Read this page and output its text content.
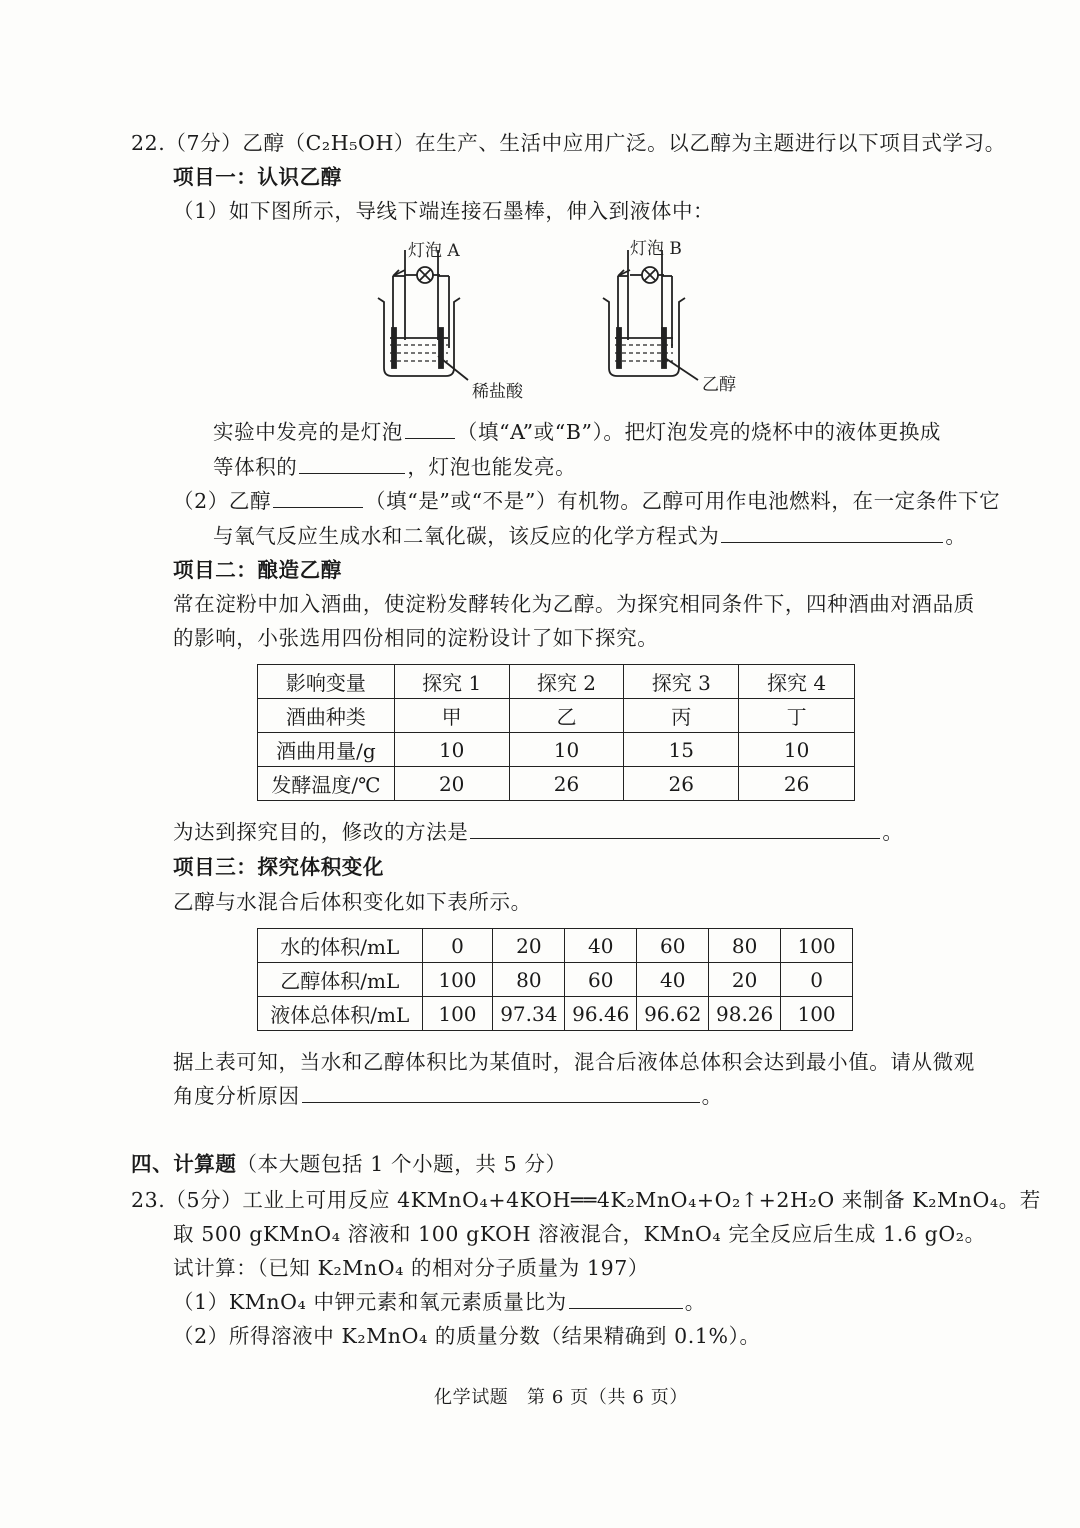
22.（7分）乙醇（C₂H₅OH）在生产、生活中应用广泛。以乙醇为主题进行以下项目式学习。
项目一：认识乙醇
（1）如下图所示，导线下端连接石墨棒，伸入到液体中：
灯泡 A	灯泡 B
稀盐酸	乙醇
实验中发亮的是灯泡	（填“A”或“B”）。把灯泡发亮的烧杯中的液体更换成
等体积的	，灯泡也能发亮。
（2）乙醇	（填“是”或“不是”）有机物。乙醇可用作电池燃料，在一定条件下它
与氧气反应生成水和二氧化碳，该反应的化学方程式为	。
项目二：酿造乙醇
常在淀粉中加入酒曲，使淀粉发酵转化为乙醇。为探究相同条件下，四种酒曲对酒品质
的影响，小张选用四份相同的淀粉设计了如下探究。
影响变量	探究 1	探究 2	探究 3	探究 4
酒曲种类	甲	乙	丙	丁
酒曲用量/g	10	10	15	10
发酵温度/℃	20	26	26	26
为达到探究目的，修改的方法是	。
项目三：探究体积变化
乙醇与水混合后体积变化如下表所示。
水的体积/mL	0	20	40	60	80	100
乙醇体积/mL	100	80	60	40	20	0
液体总体积/mL	100	97.34	96.46	96.62	98.26	100
据上表可知，当水和乙醇体积比为某值时，混合后液体总体积会达到最小值。请从微观
角度分析原因	。
四、计算题（本大题包括 1 个小题，共 5 分）
23.（5分）工业上可用反应 4KMnO₄+4KOH══4K₂MnO₄+O₂↑+2H₂O 来制备 K₂MnO₄。若
取 500 gKMnO₄ 溶液和 100 gKOH 溶液混合，KMnO₄ 完全反应后生成 1.6 gO₂。
试计算：（已知 K₂MnO₄ 的相对分子质量为 197）
（1）KMnO₄ 中钾元素和氧元素质量比为	。
（2）所得溶液中 K₂MnO₄ 的质量分数（结果精确到 0.1%）。
化学试题　第 6 页（共 6 页）
